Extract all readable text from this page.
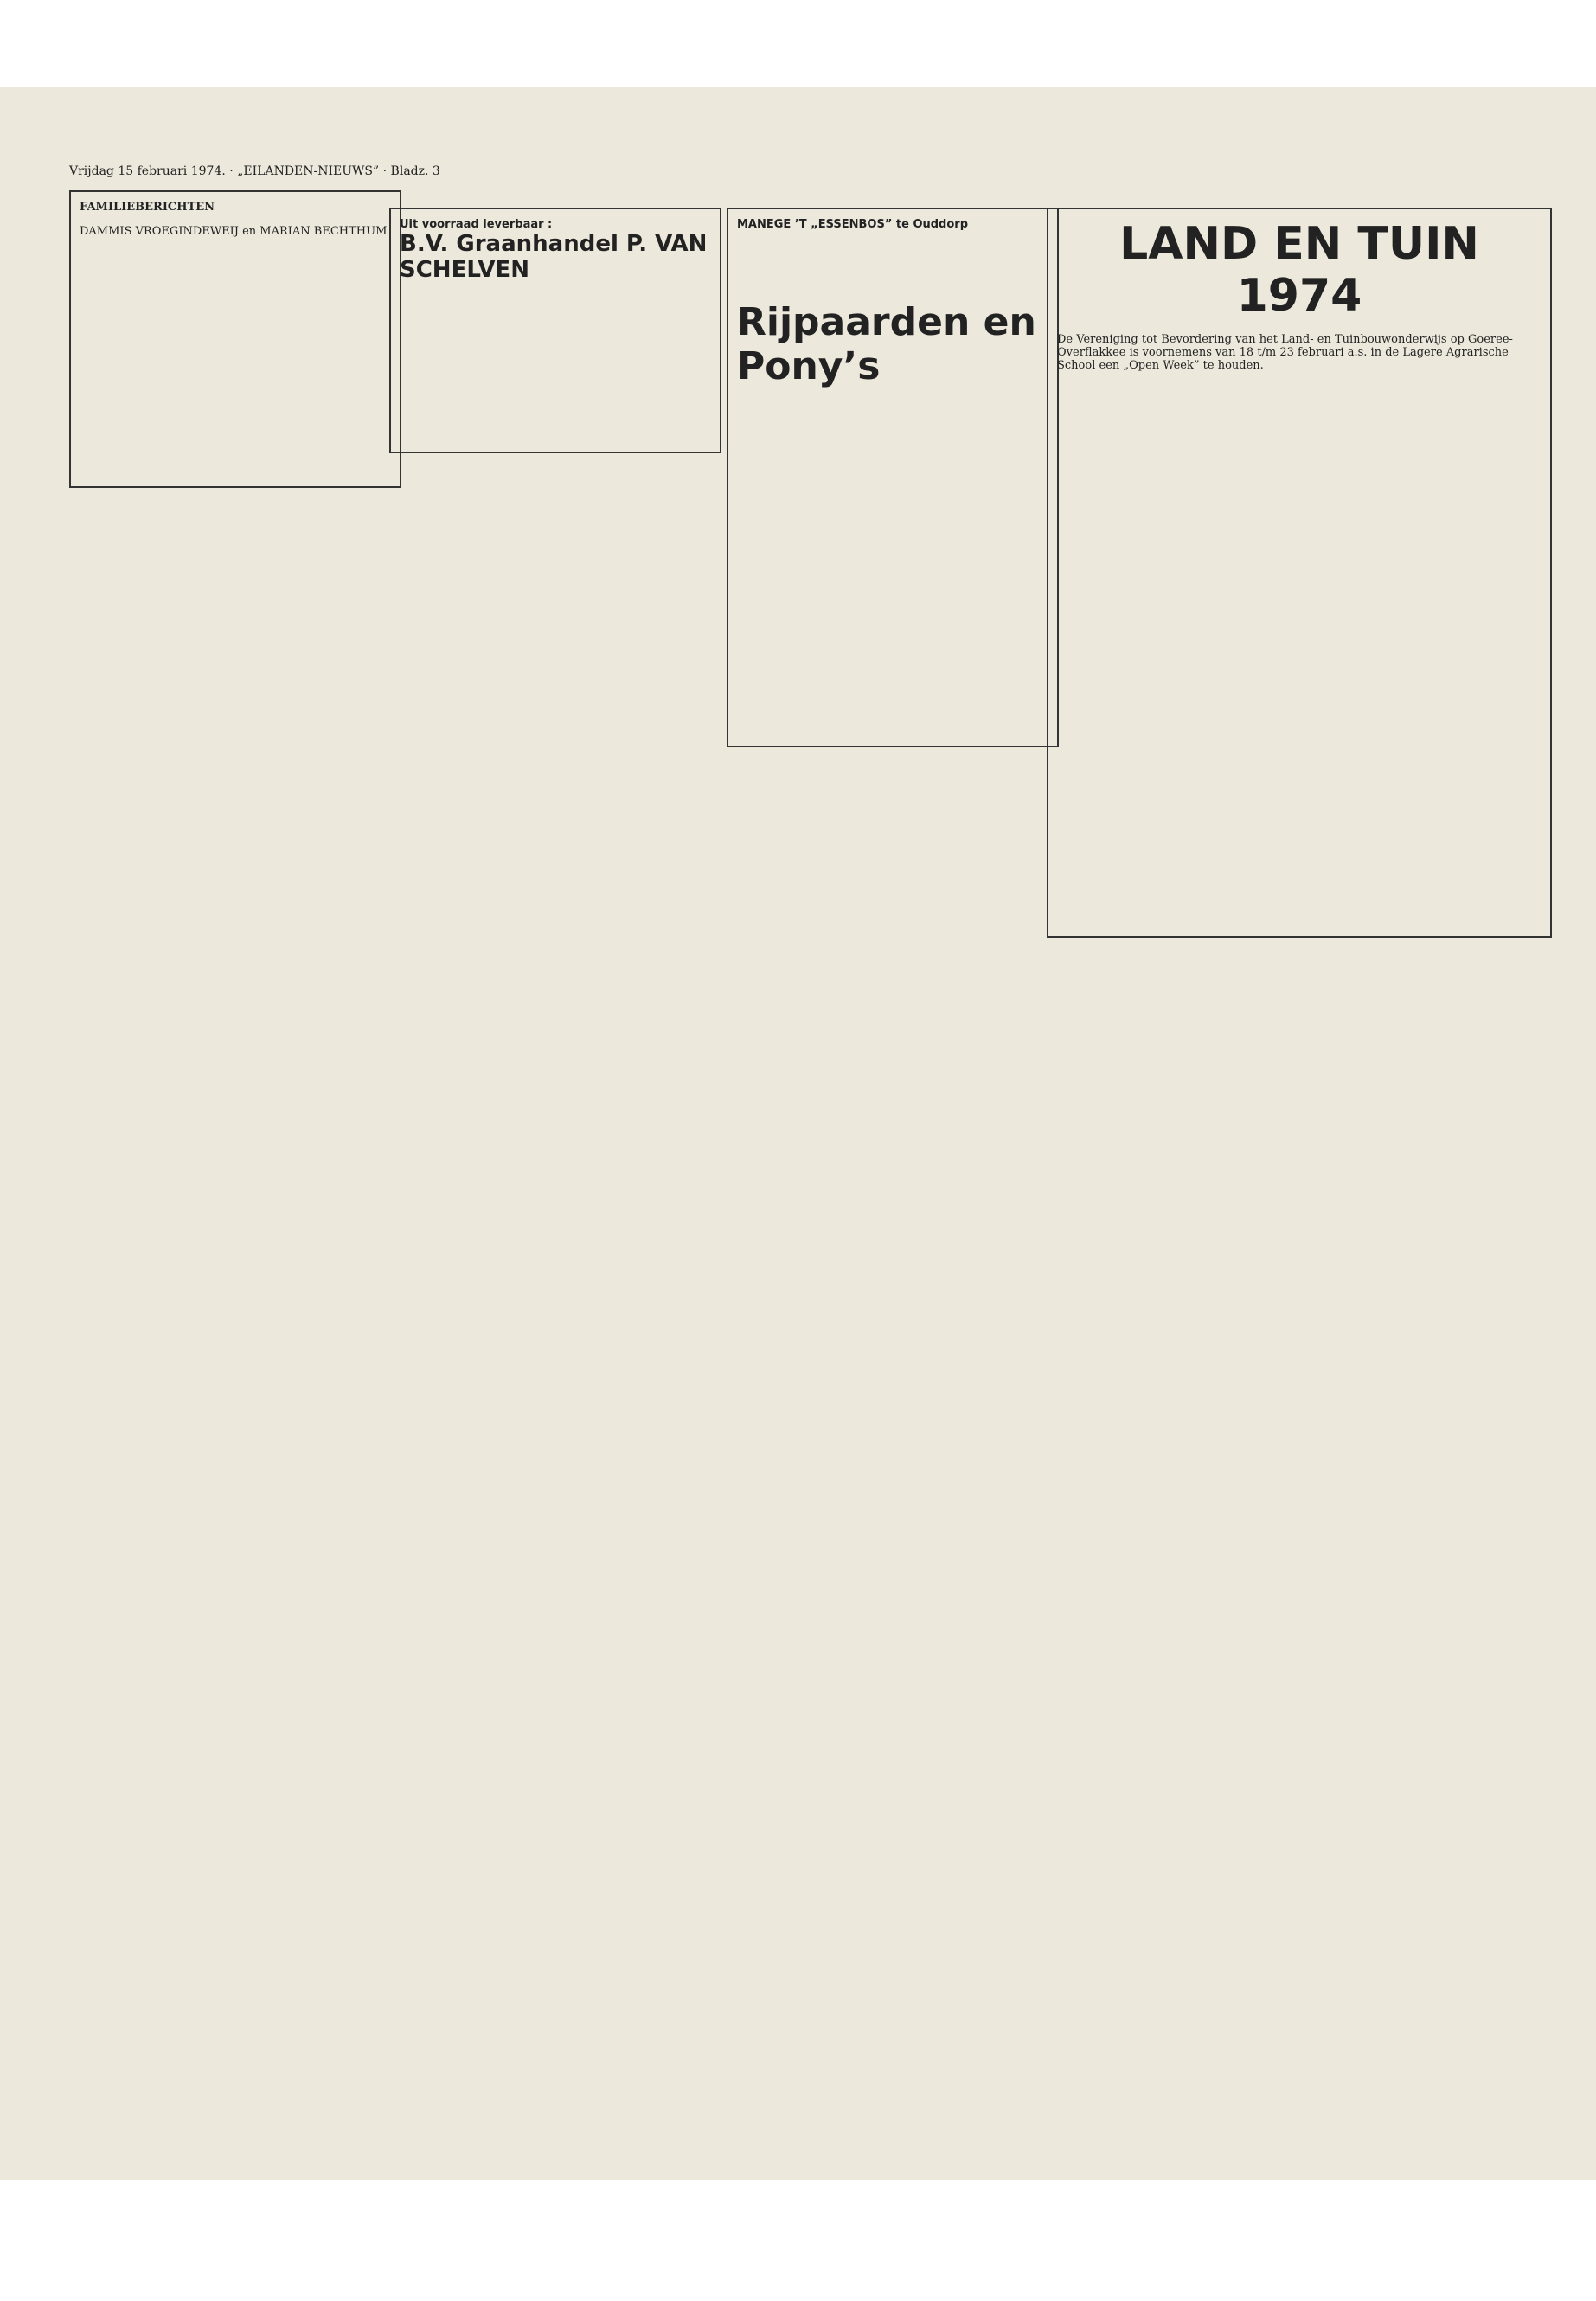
Vrijdag 15 februari 1974. · „EILANDEN-NIEUWS” · Bladz. 3
FAMILIEBERICHTEN

DAMMIS VROEGINDEWEIJ en MARIAN BECHTHUM

Uit voorraad leverbaar :
B.V. Graanhandel P. VAN SCHELVEN
MANEGE ’T „ESSENBOS” te Ouddorp
Rijpaarden en Pony’s
LAND EN TUIN 1974

De Vereniging tot Bevordering van het Land- en Tuinbouwonderwijs op Goeree-Overflakkee is voornemens van 18 t/m 23 februari a.s. in de Lagere Agrarische School een „Open Week” te houden.
